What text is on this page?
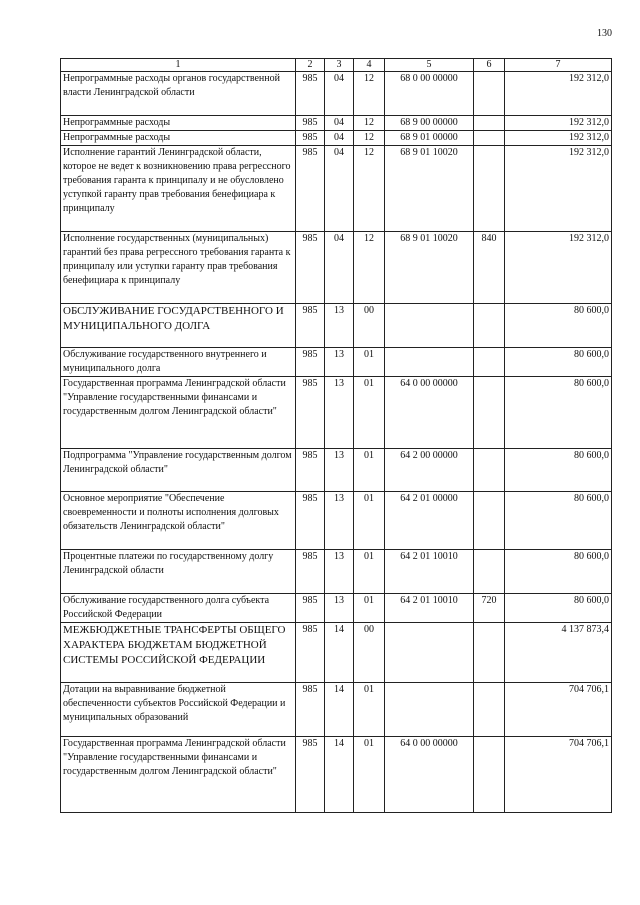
130
1	2	3	4	5	6	7
Непрограммные расходы органов государственной власти Ленинградской области	985	04	12	68 0 00 00000		192 312,0
Непрограммные расходы	985	04	12	68 9 00 00000		192 312,0
Непрограммные расходы	985	04	12	68 9 01 00000		192 312,0
Исполнение гарантий Ленинградской области, которое не ведет к возникновению права регрессного требования гаранта к принципалу и не обусловлено уступкой гаранту прав требования бенефициара к принципалу	985	04	12	68 9 01 10020		192 312,0
Исполнение государственных (муниципальных) гарантий без права регрессного требования гаранта к принципалу или уступки гаранту прав требования бенефициара к принципалу	985	04	12	68 9 01 10020	840	192 312,0
ОБСЛУЖИВАНИЕ ГОСУДАРСТВЕННОГО И МУНИЦИПАЛЬНОГО ДОЛГА	985	13	00			80 600,0
Обслуживание государственного внутреннего и муниципального долга	985	13	01			80 600,0
Государственная программа Ленинградской области "Управление государственными финансами и государственным долгом Ленинградской области"	985	13	01	64 0 00 00000		80 600,0
Подпрограмма "Управление государственным долгом Ленинградской области"	985	13	01	64 2 00 00000		80 600,0
Основное мероприятие "Обеспечение своевременности и полноты исполнения долговых обязательств Ленинградской области"	985	13	01	64 2 01 00000		80 600,0
Процентные платежи по государственному долгу Ленинградской области	985	13	01	64 2 01 10010		80 600,0
Обслуживание государственного долга субъекта Российской Федерации	985	13	01	64 2 01 10010	720	80 600,0
МЕЖБЮДЖЕТНЫЕ ТРАНСФЕРТЫ ОБЩЕГО ХАРАКТЕРА БЮДЖЕТАМ БЮДЖЕТНОЙ СИСТЕМЫ РОССИЙСКОЙ ФЕДЕРАЦИИ	985	14	00			4 137 873,4
Дотации на выравнивание бюджетной обеспеченности субъектов Российской Федерации и муниципальных образований	985	14	01			704 706,1
Государственная программа Ленинградской области "Управление государственными финансами и государственным долгом Ленинградской области"	985	14	01	64 0 00 00000		704 706,1
